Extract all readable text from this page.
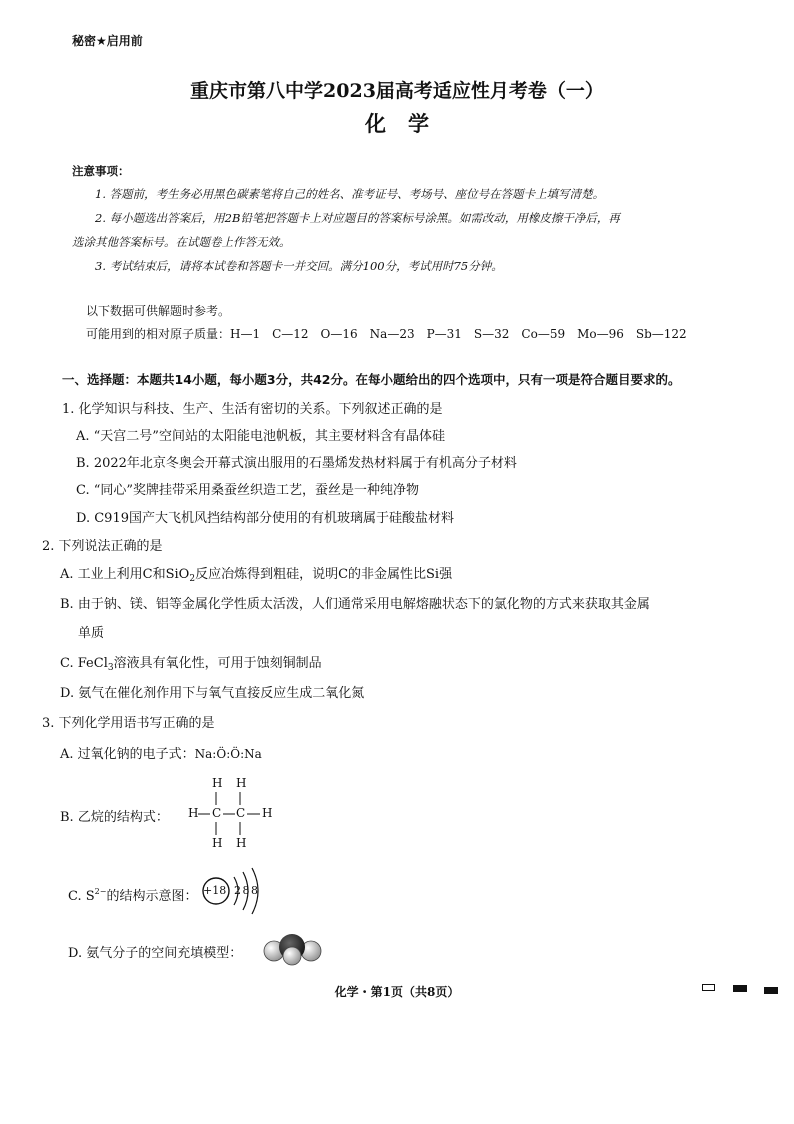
秘密★启用前
重庆市第八中学2023届高考适应性月考卷（一）
化学
注意事项：
1. 答题前，考生务必用黑色碳素笔将自己的姓名、准考证号、考场号、座位号在答题卡上填写清楚。
2. 每小题选出答案后，用2B铅笔把答题卡上对应题目的答案标号涂黑。如需改动，用橡皮擦干净后，再
选涂其他答案标号。在试题卷上作答无效。
3. 考试结束后，请将本试卷和答题卡一并交回。满分100分，考试用时75分钟。
以下数据可供解题时参考。
可能用到的相对原子质量：H—1　C—12　O—16　Na—23　P—31　S—32　Co—59　Mo—96　Sb—122
一、选择题：本题共14小题，每小题3分，共42分。在每小题给出的四个选项中，只有一项是符合题目要求的。
1. 化学知识与科技、生产、生活有密切的关系。下列叙述正确的是
A. “天宫二号”空间站的太阳能电池帆板，其主要材料含有晶体硅
B. 2022年北京冬奥会开幕式演出服用的石墨烯发热材料属于有机高分子材料
C. “同心”奖牌挂带采用桑蚕丝织造工艺，蚕丝是一种纯净物
D. C919国产大飞机风挡结构部分使用的有机玻璃属于硅酸盐材料
2. 下列说法正确的是
A. 工业上利用C和SiO$_2$反应冶炼得到粗硅，说明C的非金属性比Si强
B. 由于钠、镁、铝等金属化学性质太活泼，人们通常采用电解熔融状态下的氯化物的方式来获取其金属
单质
C. FeCl$_3$溶液具有氧化性，可用于蚀刻铜制品
D. 氨气在催化剂作用下与氧气直接反应生成二氧化氮
3. 下列化学用语书写正确的是
A. 过氧化钠的电子式：Na:Ö:Ö:Na
B. 乙烷的结构式：
H H
H C C H
H H
C. $S^{2-}$的结构示意图： +18 2 8 8
D. 氨气分子的空间充填模型：
化学・第1页（共8页）
